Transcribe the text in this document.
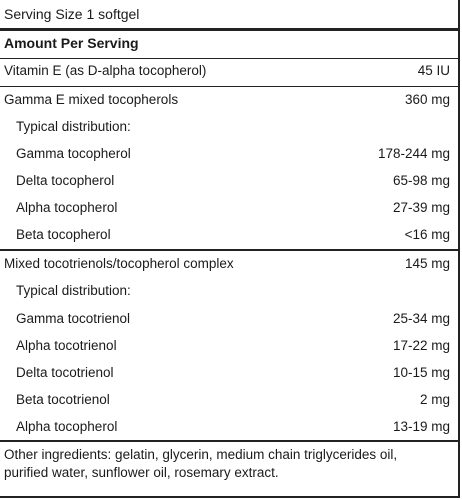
Serving Size 1 softgel
Amount Per Serving
Vitamin E (as D-alpha tocopherol)	45 IU
Gamma E mixed tocopherols	360 mg
Typical distribution:
Gamma tocopherol	178-244 mg
Delta tocopherol	65-98 mg
Alpha tocopherol	27-39 mg
Beta tocopherol	<16 mg
Mixed tocotrienols/tocopherol complex	145 mg
Typical distribution:
Gamma tocotrienol	25-34 mg
Alpha tocotrienol	17-22 mg
Delta tocotrienol	10-15 mg
Beta tocotrienol	2 mg
Alpha tocopherol	13-19 mg
Other ingredients: gelatin, glycerin, medium chain triglycerides oil, purified water, sunflower oil, rosemary extract.
